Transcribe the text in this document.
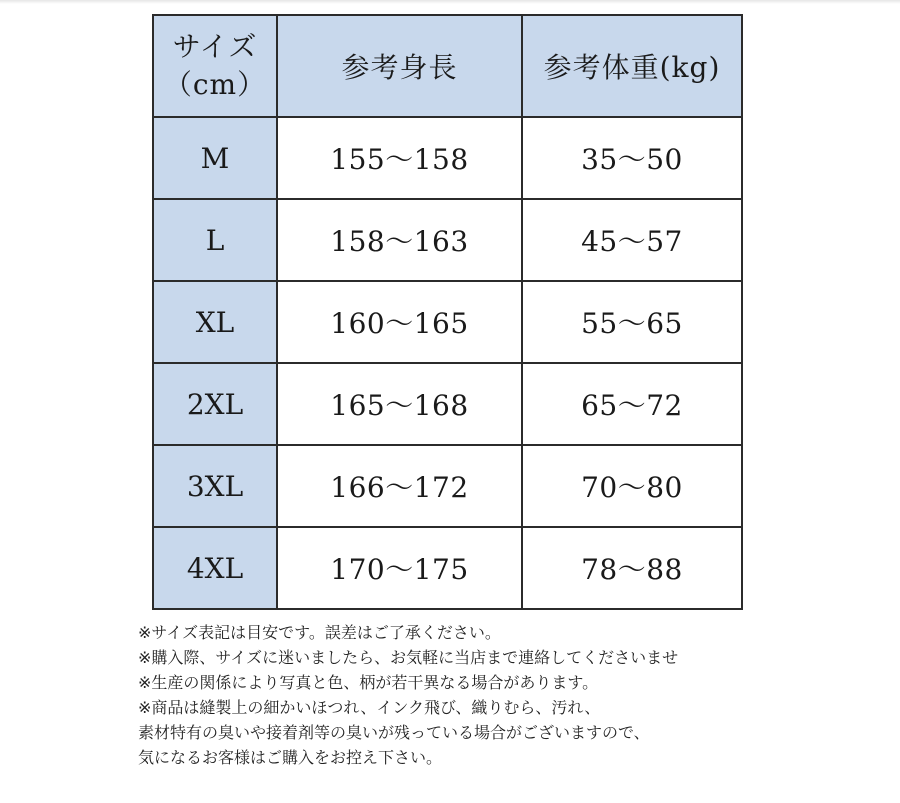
サイズ
（cm）	参考身長	参考体重(kg)
M	155～158	35～50
L	158～163	45～57
XL	160～165	55～65
2XL	165～168	65～72
3XL	166～172	70～80
4XL	170～175	78～88
※サイズ表記は目安です。誤差はご了承ください。
※購入際、サイズに迷いましたら、お気軽に当店まで連絡してくださいませ
※生産の関係により写真と色、柄が若干異なる場合があります。
※商品は縫製上の細かいほつれ、インク飛び、織りむら、汚れ、
素材特有の臭いや接着剤等の臭いが残っている場合がございますので、
気になるお客様はご購入をお控え下さい。
